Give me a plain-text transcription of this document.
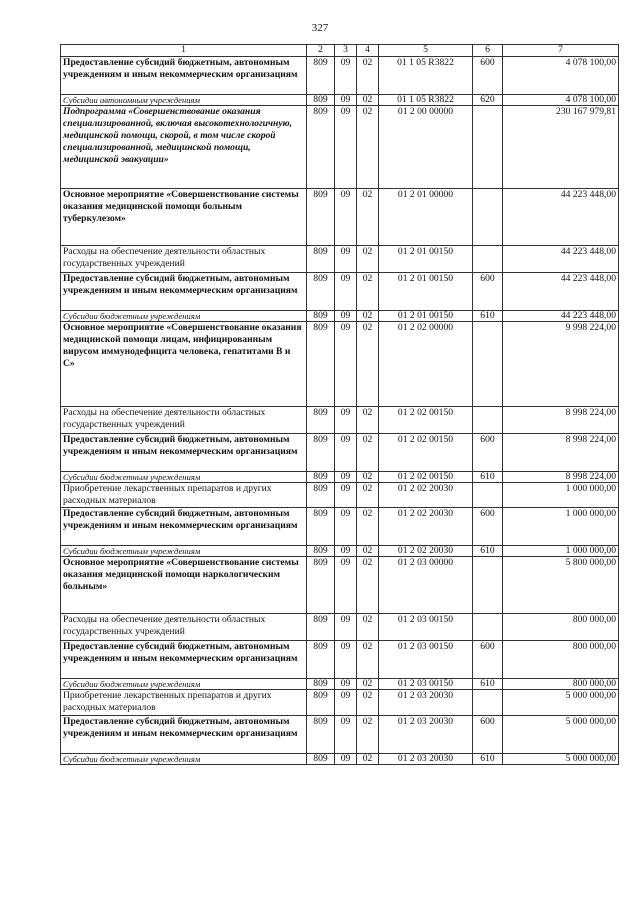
327
1	2	3	4	5	6	7
Предоставление субсидий бюджетным, автономным учреждениям и иным некоммерческим организациям	809	09	02	01 1 05 R3822	600	4 078 100,00
Субсидии автономным учреждениям	809	09	02	01 1 05 R3822	620	4 078 100,00
Подпрограмма «Совершенствование оказания специализированной, включая высокотехнологичную, медицинской помощи, скорой, в том числе скорой специализированной, медицинской помощи, медицинской эвакуации»	809	09	02	01 2 00 00000		230 167 979,81
Основное мероприятие «Совершенствование системы оказания медицинской помощи больным туберкулезом»	809	09	02	01 2 01 00000		44 223 448,00
Расходы на обеспечение деятельности областных государственных учреждений	809	09	02	01 2 01 00150		44 223 448,00
Предоставление субсидий бюджетным, автономным учреждениям и иным некоммерческим организациям	809	09	02	01 2 01 00150	600	44 223 448,00
Субсидии бюджетным учреждениям	809	09	02	01 2 01 00150	610	44 223 448,00
Основное мероприятие «Совершенствование оказания медицинской помощи лицам, инфицированным вирусом иммунодефицита человека, гепатитами В и С»	809	09	02	01 2 02 00000		9 998 224,00
Расходы на обеспечение деятельности областных государственных учреждений	809	09	02	01 2 02 00150		8 998 224,00
Предоставление субсидий бюджетным, автономным учреждениям и иным некоммерческим организациям	809	09	02	01 2 02 00150	600	8 998 224,00
Субсидии бюджетным учреждениям	809	09	02	01 2 02 00150	610	8 998 224,00
Приобретение лекарственных препаратов и других расходных материалов	809	09	02	01 2 02 20030		1 000 000,00
Предоставление субсидий бюджетным, автономным учреждениям и иным некоммерческим организациям	809	09	02	01 2 02 20030	600	1 000 000,00
Субсидии бюджетным учреждениям	809	09	02	01 2 02 20030	610	1 000 000,00
Основное мероприятие «Совершенствование системы оказания медицинской помощи наркологическим больным»	809	09	02	01 2 03 00000		5 800 000,00
Расходы на обеспечение деятельности областных государственных учреждений	809	09	02	01 2 03 00150		800 000,00
Предоставление субсидий бюджетным, автономным учреждениям и иным некоммерческим организациям	809	09	02	01 2 03 00150	600	800 000,00
Субсидии бюджетным учреждениям	809	09	02	01 2 03 00150	610	800 000,00
Приобретение лекарственных препаратов и других расходных материалов	809	09	02	01 2 03 20030		5 000 000,00
Предоставление субсидий бюджетным, автономным учреждениям и иным некоммерческим организациям	809	09	02	01 2 03 20030	600	5 000 000,00
Субсидии бюджетным учреждениям	809	09	02	01 2 03 20030	610	5 000 000,00
